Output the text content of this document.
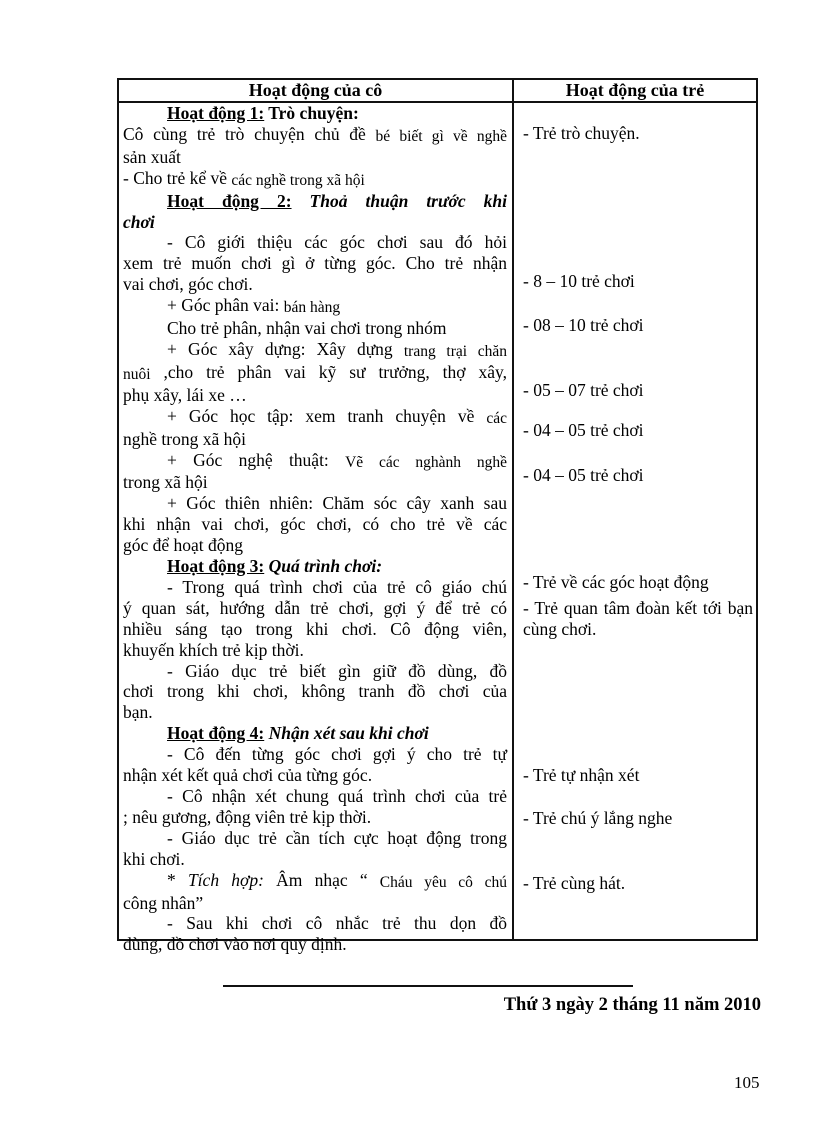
Hoạt động của cô	Hoạt động của trẻ

Hoạt động 1: Trò chuyện:

Cô cùng trẻ trò chuyện chủ đề bé biết gì về nghề

sản xuất

- Cho trẻ kể về các nghề trong xã hội

Hoạt động 2: Thoả thuận trước khi

chơi

- Cô giới thiệu các góc chơi sau đó hỏi

xem trẻ muốn chơi gì ở từng góc. Cho trẻ nhận

vai chơi, góc chơi.

+ Góc phân vai: bán hàng

Cho trẻ phân, nhận vai chơi trong nhóm

+ Góc xây dựng: Xây dựng trang trại chăn

nuôi ,cho trẻ phân vai kỹ sư trưởng, thợ xây,

phụ xây, lái xe …

+ Góc học tập: xem tranh chuyện về các

nghề trong xã hội

+ Góc nghệ thuật: Vẽ các nghành nghề

trong xã hội

+ Góc thiên nhiên: Chăm sóc cây xanh sau

khi nhận vai chơi, góc chơi, có cho trẻ về các

góc để hoạt động

Hoạt động 3: Quá trình chơi:

- Trong quá trình chơi của trẻ cô giáo chú

ý quan sát, hướng dẫn trẻ chơi, gợi ý để trẻ có

nhiều sáng tạo trong khi chơi. Cô động viên,

khuyến khích trẻ kịp thời.

- Giáo dục trẻ biết gìn giữ đồ dùng, đồ

chơi trong khi chơi, không tranh đồ chơi của

bạn.

Hoạt động 4: Nhận xét sau khi chơi

- Cô đến từng góc chơi gợi ý cho trẻ tự

nhận xét kết quả chơi của từng góc.

- Cô nhận xét chung quá trình chơi của trẻ

; nêu gương, động viên trẻ kịp thời.

- Giáo dục trẻ cần tích cực hoạt động trong

khi chơi.

* Tích hợp: Âm nhạc “ Cháu yêu cô chú

công nhân”

- Sau khi chơi cô nhắc trẻ thu dọn đồ

dùng, đồ chơi vào nơi quy định.

- Trẻ trò chuyện.

- 8 – 10 trẻ chơi

- 08 – 10 trẻ chơi

- 05 – 07 trẻ chơi

- 04 – 05 trẻ chơi

- 04 – 05 trẻ chơi

- Trẻ về các góc hoạt động

- Trẻ quan tâm đoàn kết tới bạn cùng chơi.

- Trẻ tự nhận xét

- Trẻ chú ý lắng nghe

- Trẻ cùng hát.

Thứ 3 ngày 2 tháng 11 năm 2010
105
